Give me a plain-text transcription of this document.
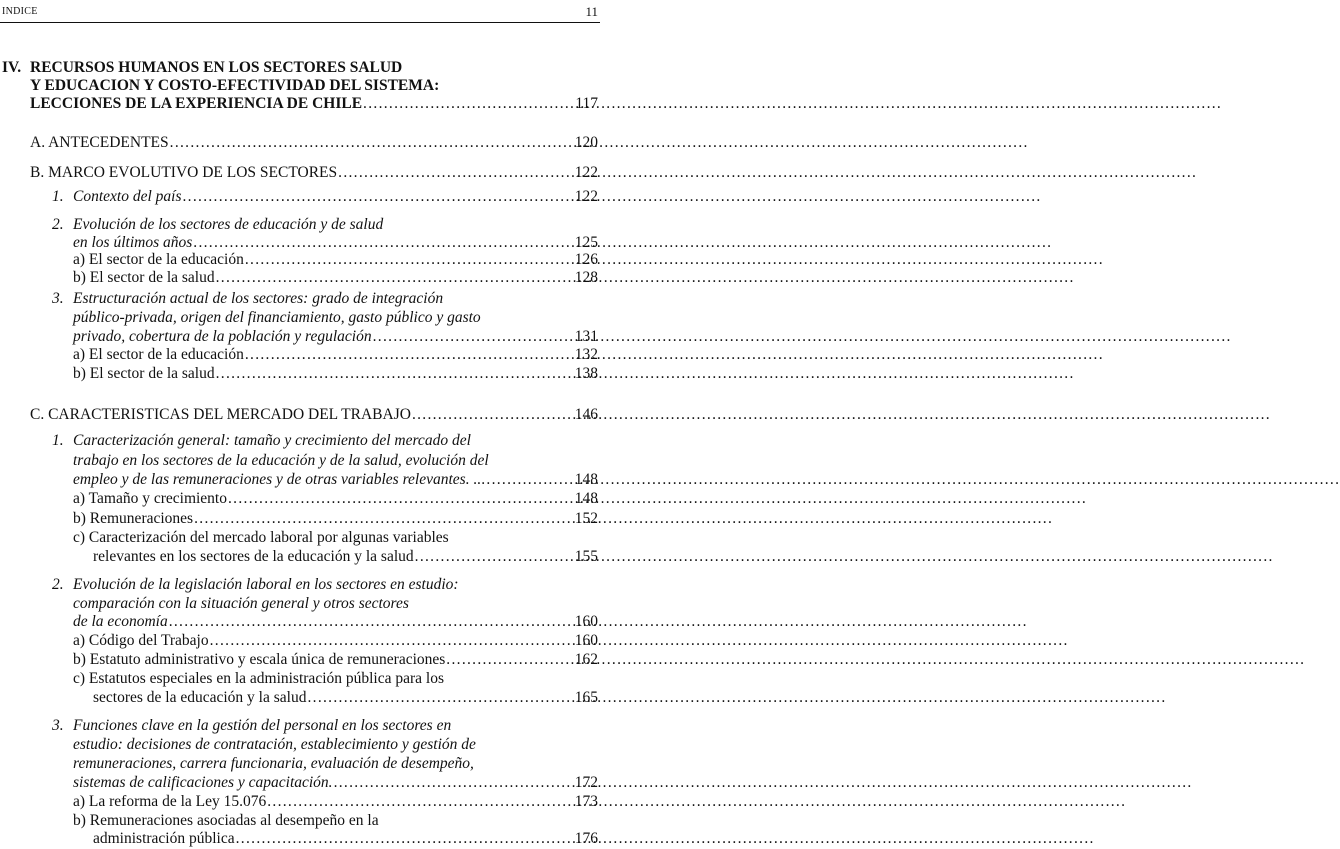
INDICE	11
IV. RECURSOS HUMANOS EN LOS SECTORES SALUD
Y EDUCACION Y COSTO-EFECTIVIDAD DEL SISTEMA:
LECCIONES DE LA EXPERIENCIA DE CHILE .....	117
A. ANTECEDENTES .....	120
B. MARCO EVOLUTIVO DE LOS SECTORES .....	122
1. Contexto del país .....	122
2. Evolución de los sectores de educación y de salud
en los últimos años .....	125
a) El sector de la educación .....	126
b) El sector de la salud .....	128
3. Estructuración actual de los sectores: grado de integración
público-privada, origen del financiamiento, gasto público y gasto
privado, cobertura de la población y regulación .....	131
a) El sector de la educación .....	132
b) El sector de la salud .....	138
C. CARACTERISTICAS DEL MERCADO DEL TRABAJO .....	146
1. Caracterización general: tamaño y crecimiento del mercado del
trabajo en los sectores de la educación y de la salud, evolución del
empleo y de las remuneraciones y de otras variables relevantes. .. .....	148
a) Tamaño y crecimiento .....	148
b) Remuneraciones .....	152
c) Caracterización del mercado laboral por algunas variables
relevantes en los sectores de la educación y la salud .....	155
2. Evolución de la legislación laboral en los sectores en estudio:
comparación con la situación general y otros sectores
de la economía .....	160
a) Código del Trabajo .....	160
b) Estatuto administrativo y escala única de remuneraciones .....	162
c) Estatutos especiales en la administración pública para los
sectores de la educación y la salud .....	165
3. Funciones clave en la gestión del personal en los sectores en
estudio: decisiones de contratación, establecimiento y gestión de
remuneraciones, carrera funcionaria, evaluación de desempeño,
sistemas de calificaciones y capacitación. .....	172
a) La reforma de la Ley 15.076 .....	173
b) Remuneraciones asociadas al desempeño en la
administración pública .....	176
